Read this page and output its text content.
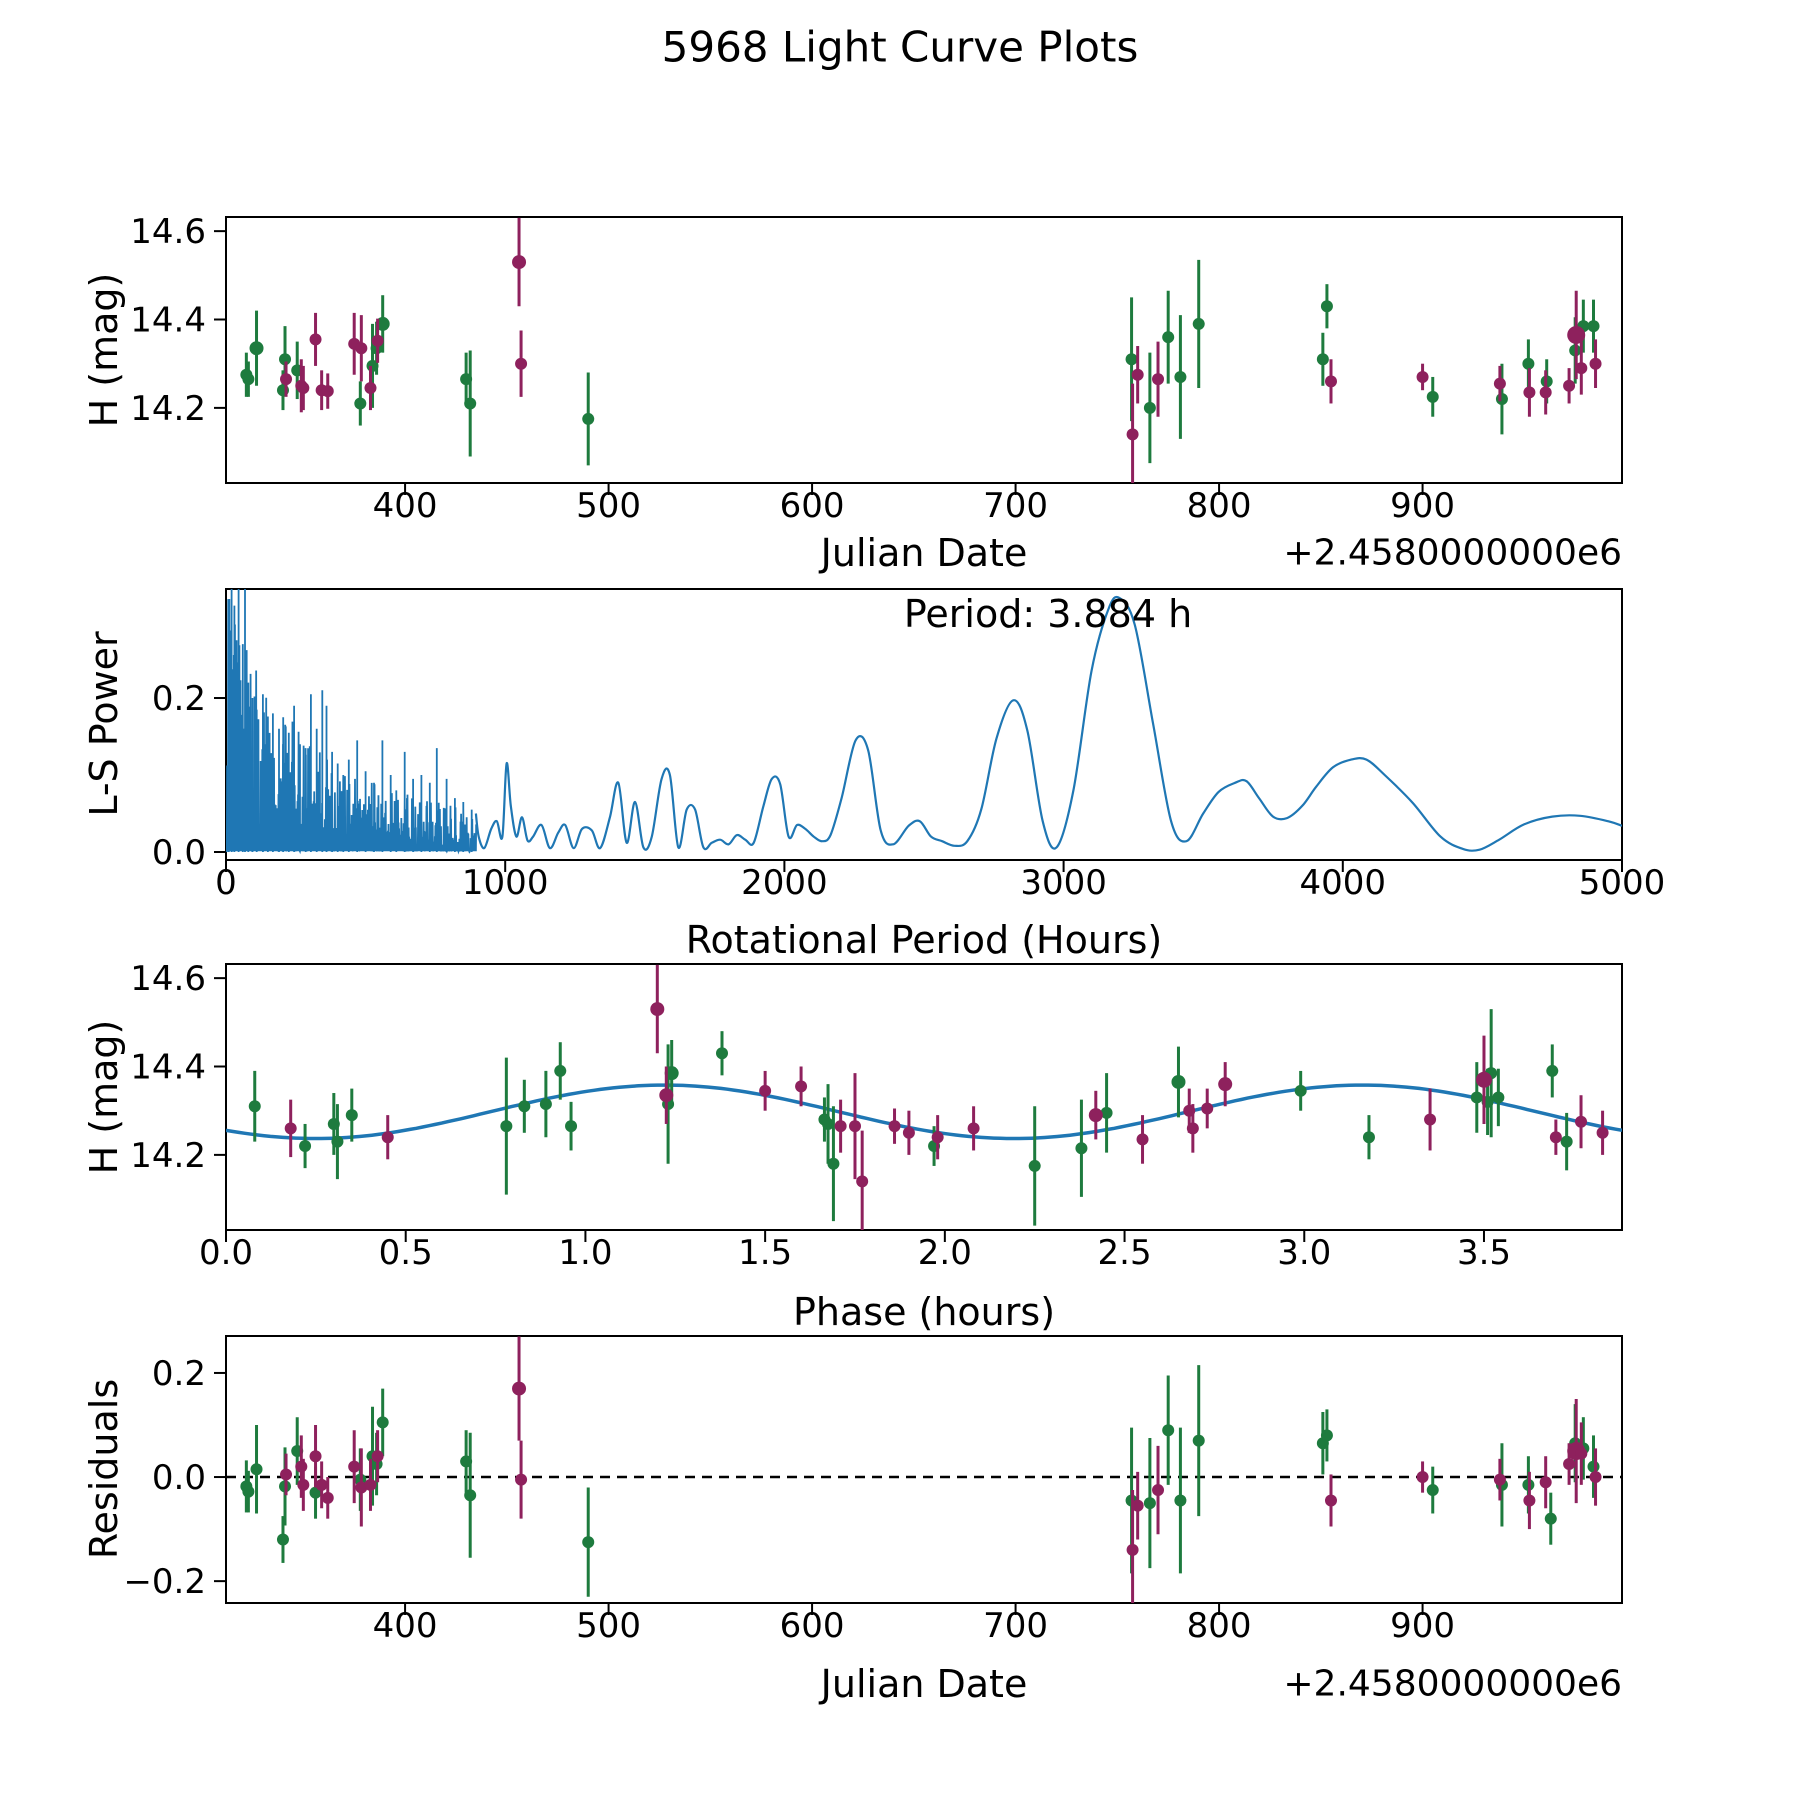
400	500	600	700	800	900
14.2
14.4
14.6
0	1000	2000	3000	4000	5000
0.0
0.2
0.0	0.5	1.0	1.5	2.0	2.5	3.0	3.5
14.2
14.4
14.6
400	500	600	700	800	900
−0.2
0.0
0.2
5968 Light Curve Plots
H (mag)
Julian Date	+2.4580000000e6
L-S Power
Rotational Period (Hours)
Period: 3.884 h
H (mag)
Phase (hours)
Residuals
Julian Date	+2.4580000000e6
